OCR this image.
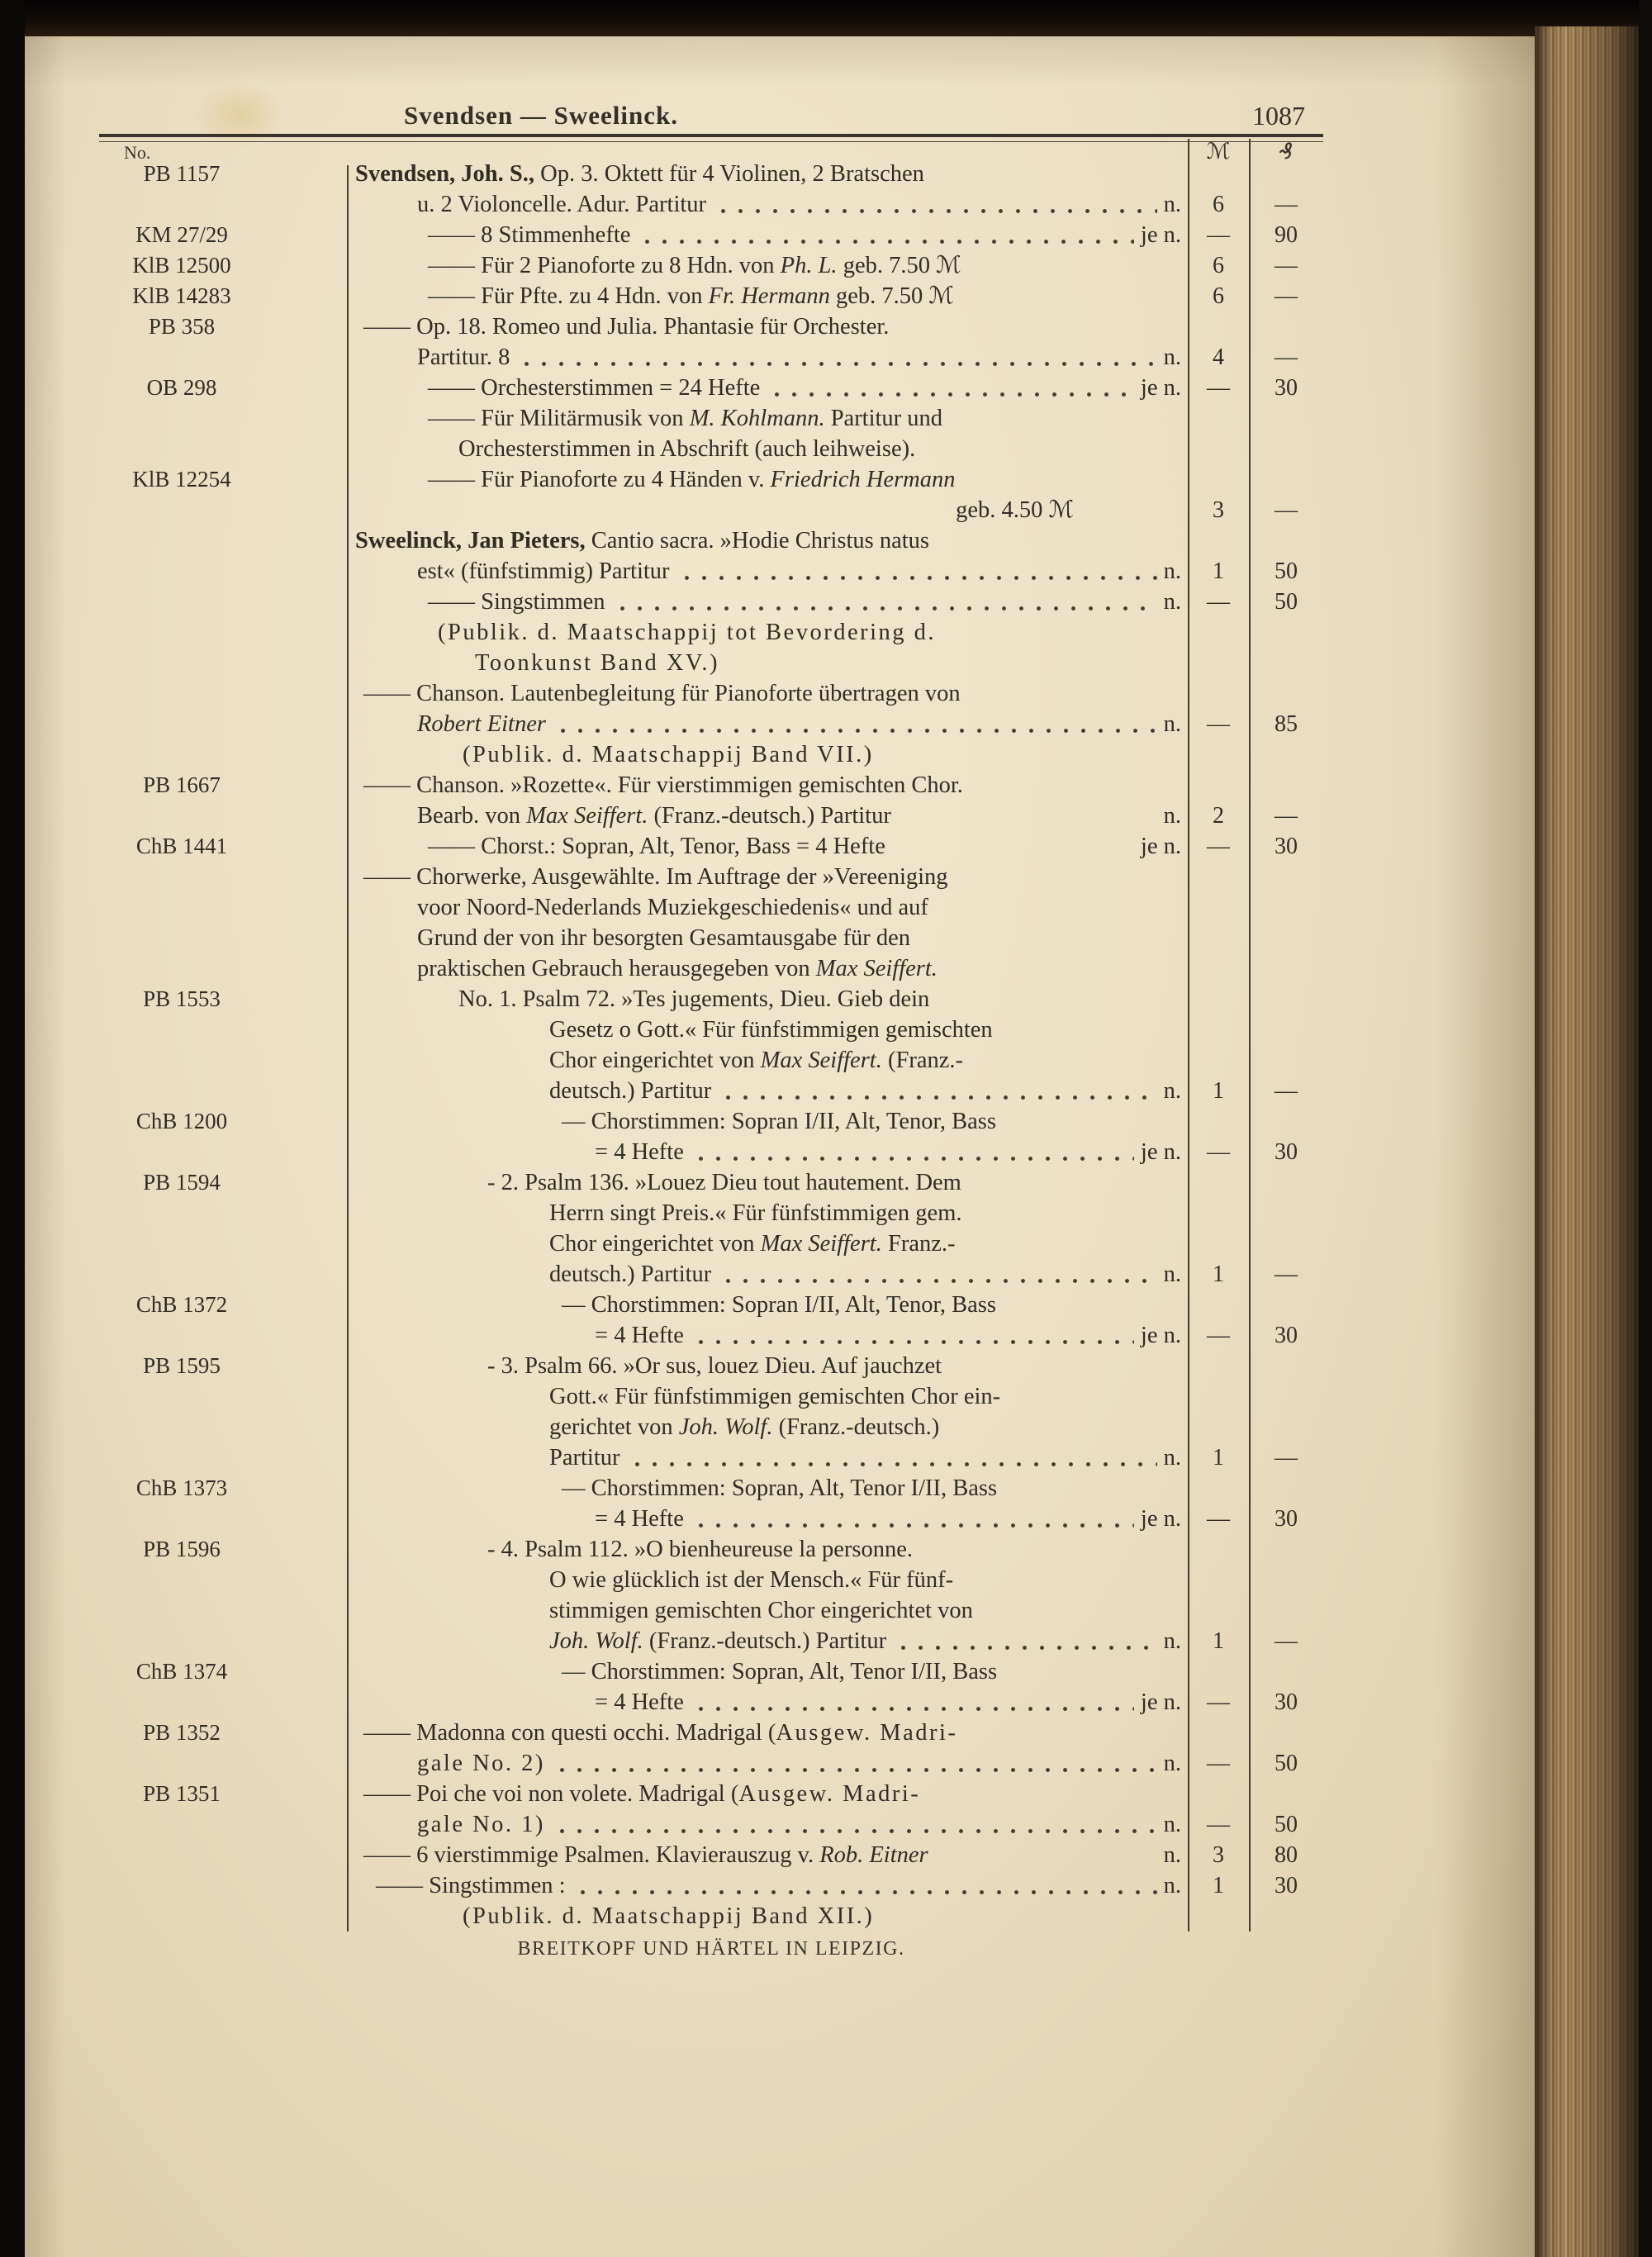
Svendsen — Sweelinck.	1087
No.	ℳ	₰
PB 1157	Svendsen, Joh. S., Op. 3. Oktett für 4 Violinen, 2 Bratschen
u. 2 Violoncelle. Adur. Partitur	n.	6	—
KM 27/29	—— 8 Stimmenhefte	je n.	—	90
KlB 12500	—— Für 2 Pianoforte zu 8 Hdn. von Ph. L. geb. 7.50 ℳ	6	—
KlB 14283	—— Für Pfte. zu 4 Hdn. von Fr. Hermann geb. 7.50 ℳ	6	—
PB 358	—— Op. 18. Romeo und Julia. Phantasie für Orchester.
Partitur. 8	n.	4	—
OB 298	—— Orchesterstimmen = 24 Hefte	je n.	—	30
—— Für Militärmusik von M. Kohlmann. Partitur und
Orchesterstimmen in Abschrift (auch leihweise).
KlB 12254	—— Für Pianoforte zu 4 Händen v. Friedrich Hermann
geb. 4.50 ℳ	3	—
Sweelinck, Jan Pieters, Cantio sacra. »Hodie Christus natus
est« (fünfstimmig) Partitur	n.	1	50
—— Singstimmen	n.	—	50
(Publik. d. Maatschappij tot Bevordering d.
Toonkunst Band XV.)
—— Chanson. Lautenbegleitung für Pianoforte übertragen von
Robert Eitner	n.	—	85
(Publik. d. Maatschappij Band VII.)
PB 1667	—— Chanson. »Rozette«. Für vierstimmigen gemischten Chor.
Bearb. von Max Seiffert. (Franz.-deutsch.) Partitur	n.	2	—
ChB 1441	—— Chorst.: Sopran, Alt, Tenor, Bass = 4 Hefte	je n.	—	30
—— Chorwerke, Ausgewählte. Im Auftrage der »Vereeniging
voor Noord-Nederlands Muziekgeschiedenis« und auf
Grund der von ihr besorgten Gesamtausgabe für den
praktischen Gebrauch herausgegeben von Max Seiffert.
PB 1553	No. 1. Psalm 72. »Tes jugements, Dieu. Gieb dein
Gesetz o Gott.« Für fünfstimmigen gemischten
Chor eingerichtet von Max Seiffert. (Franz.-
deutsch.) Partitur	n.	1	—
ChB 1200	— Chorstimmen: Sopran I/II, Alt, Tenor, Bass
= 4 Hefte	je n.	—	30
PB 1594	- 2. Psalm 136. »Louez Dieu tout hautement. Dem
Herrn singt Preis.« Für fünfstimmigen gem.
Chor eingerichtet von Max Seiffert. Franz.-
deutsch.) Partitur	n.	1	—
ChB 1372	— Chorstimmen: Sopran I/II, Alt, Tenor, Bass
= 4 Hefte	je n.	—	30
PB 1595	- 3. Psalm 66. »Or sus, louez Dieu. Auf jauchzet
Gott.« Für fünfstimmigen gemischten Chor ein-
gerichtet von Joh. Wolf. (Franz.-deutsch.)
Partitur	n.	1	—
ChB 1373	— Chorstimmen: Sopran, Alt, Tenor I/II, Bass
= 4 Hefte	je n.	—	30
PB 1596	- 4. Psalm 112. »O bienheureuse la personne.
O wie glücklich ist der Mensch.« Für fünf-
stimmigen gemischten Chor eingerichtet von
Joh. Wolf. (Franz.-deutsch.) Partitur	n.	1	—
ChB 1374	— Chorstimmen: Sopran, Alt, Tenor I/II, Bass
= 4 Hefte	je n.	—	30
PB 1352	—— Madonna con questi occhi. Madrigal (Ausgew. Madri-
gale No. 2)	n.	—	50
PB 1351	—— Poi che voi non volete. Madrigal (Ausgew. Madri-
gale No. 1)	n.	—	50
—— 6 vierstimmige Psalmen. Klavierauszug v. Rob. Eitner	n.	3	80
—— Singstimmen :	n.	1	30
(Publik. d. Maatschappij Band XII.)
BREITKOPF UND HÄRTEL IN LEIPZIG.
